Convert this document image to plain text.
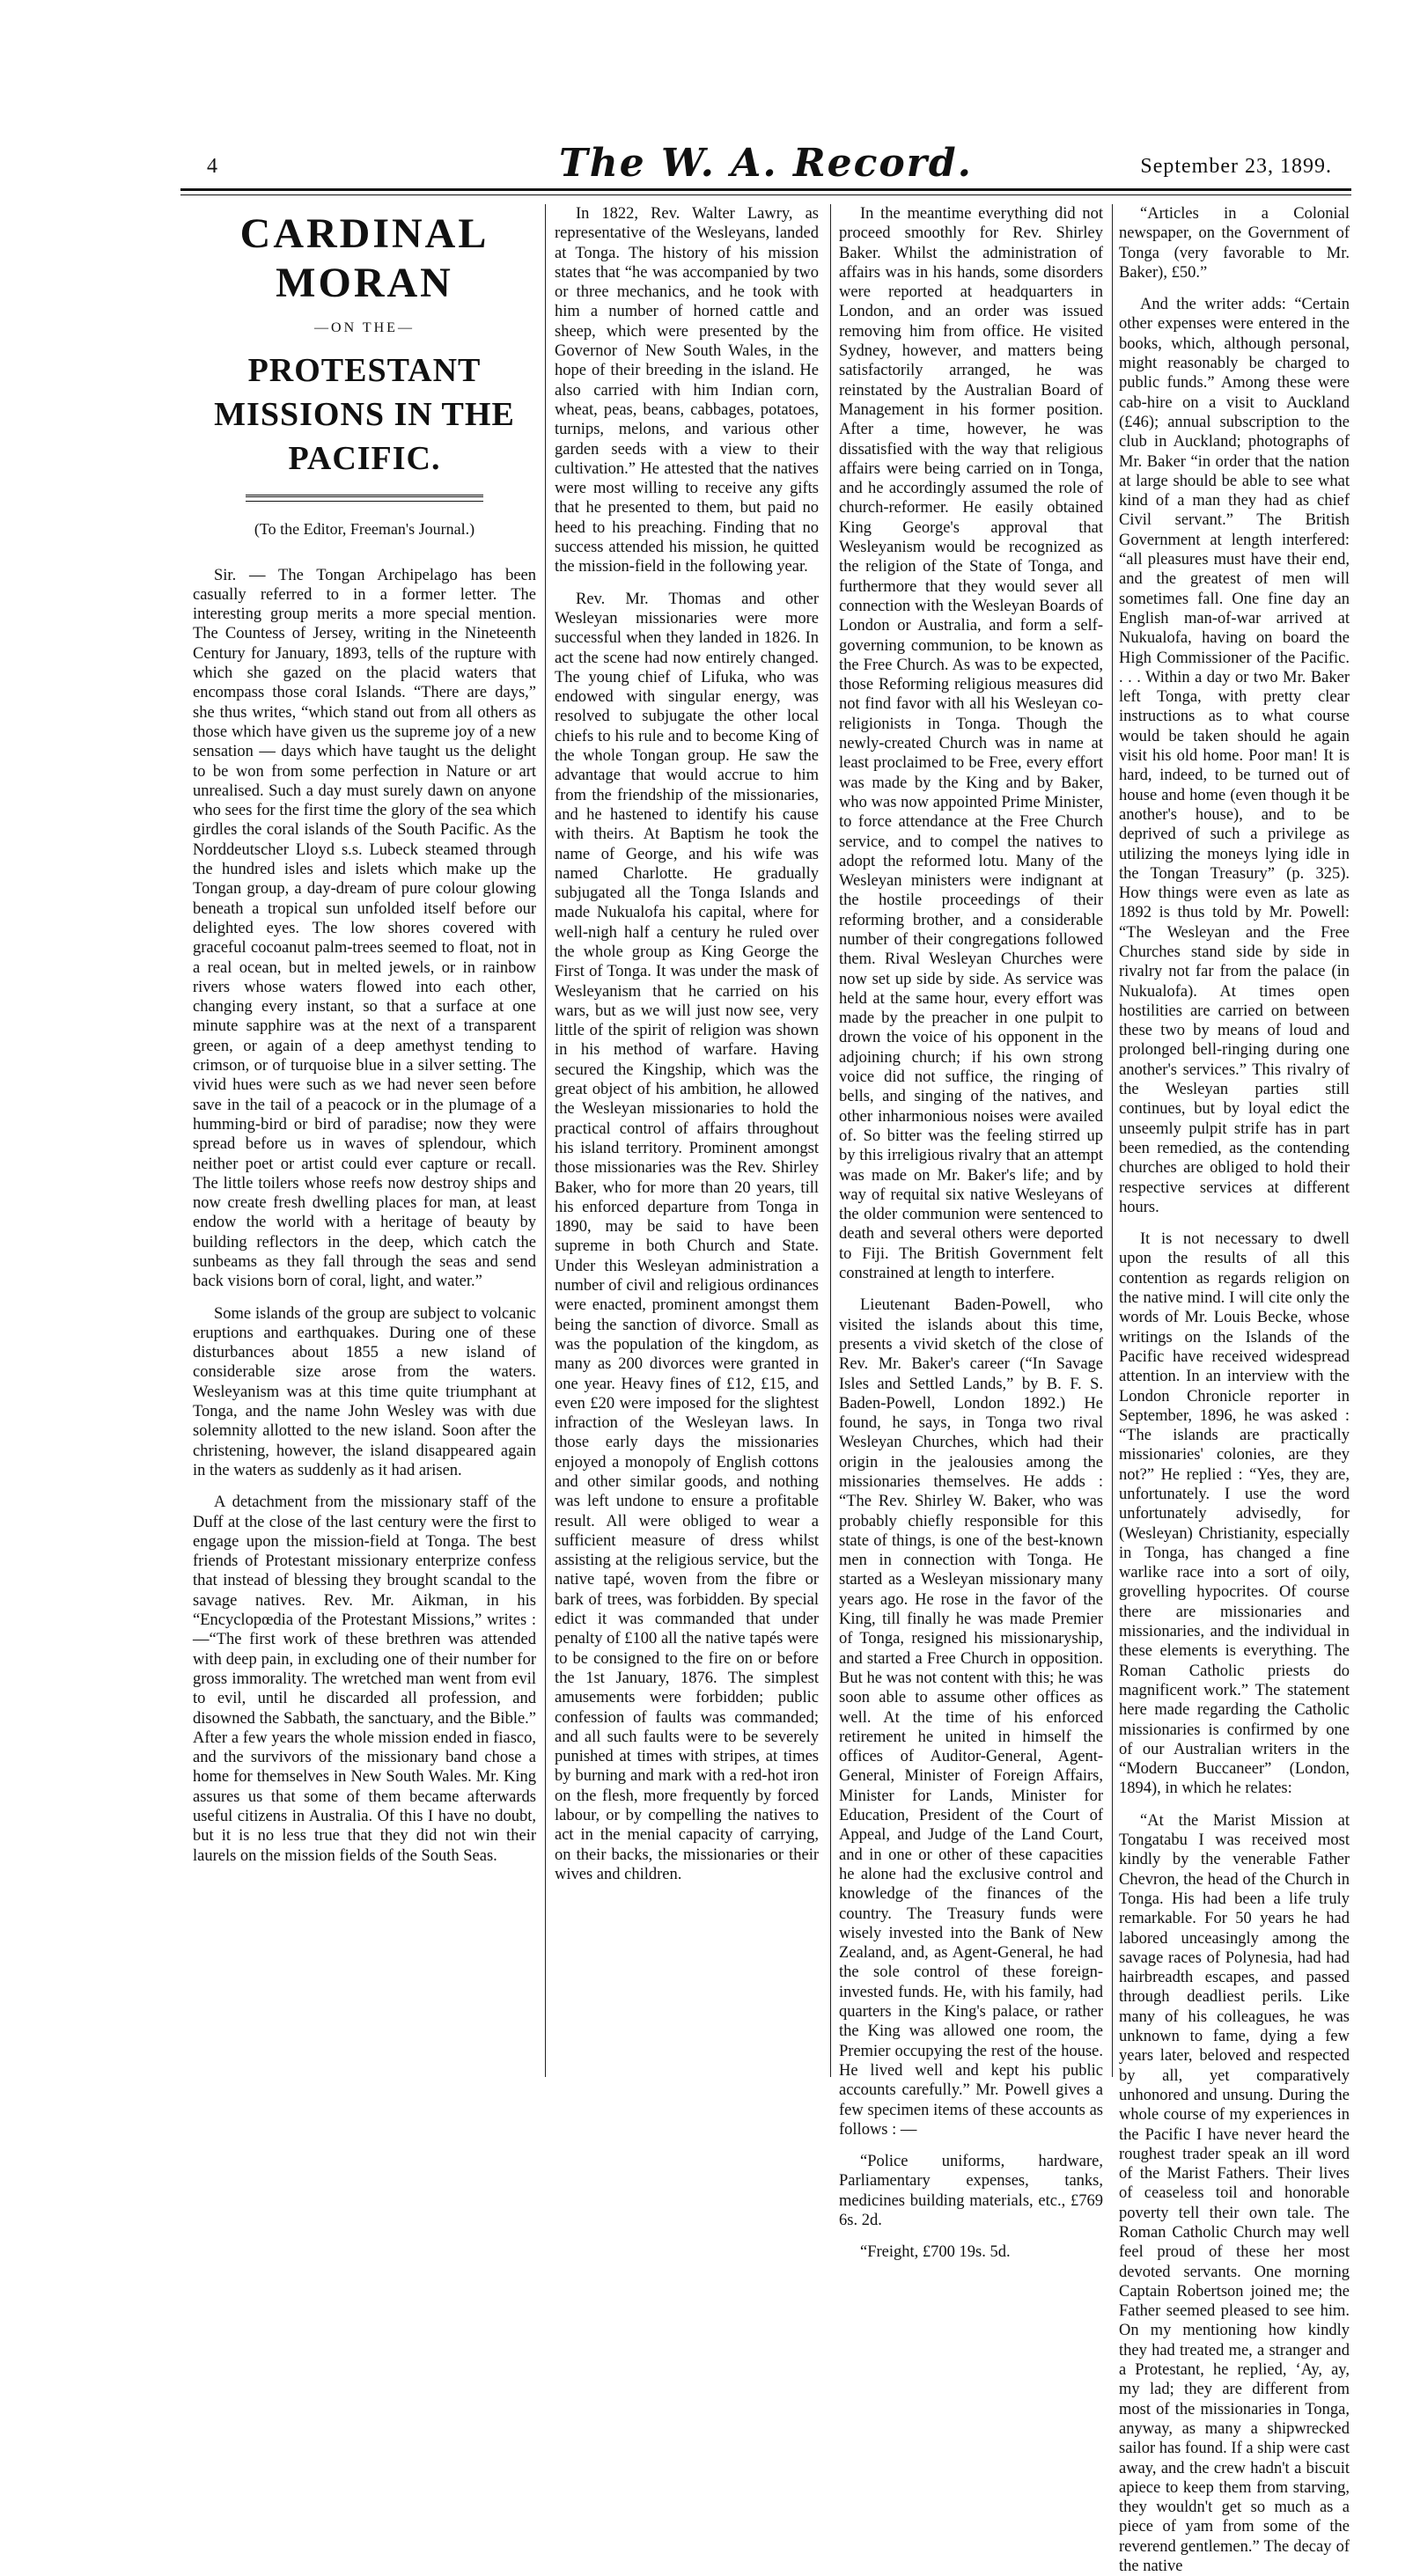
4	The W. A. Record.	September 23, 1899.
CARDINAL MORAN
—ON THE—
PROTESTANT MISSIONS IN THE PACIFIC.
(To the Editor, Freeman's Journal.)

Sir. — The Tongan Archipelago has been casually referred to in a former letter. The interesting group merits a more special mention. The Countess of Jersey, writing in the Nineteenth Century for January, 1893, tells of the rupture with which she gazed on the placid waters that encompass those coral Islands. “There are days,” she thus writes, “which stand out from all others as those which have given us the supreme joy of a new sensation — days which have taught us the delight to be won from some perfection in Nature or art unrealised. Such a day must surely dawn on anyone who sees for the first time the glory of the sea which girdles the coral islands of the South Pacific. As the Norddeutscher Lloyd s.s. Lubeck steamed through the hundred isles and islets which make up the Tongan group, a day-dream of pure colour glowing beneath a tropical sun unfolded itself before our delighted eyes. The low shores covered with graceful cocoanut palm-trees seemed to float, not in a real ocean, but in melted jewels, or in rainbow rivers whose waters flowed into each other, changing every instant, so that a surface at one minute sapphire was at the next of a transparent green, or again of a deep amethyst tending to crimson, or of turquoise blue in a silver setting. The vivid hues were such as we had never seen before save in the tail of a peacock or in the plumage of a humming-bird or bird of paradise; now they were spread before us in waves of splendour, which neither poet or artist could ever capture or recall. The little toilers whose reefs now destroy ships and now create fresh dwelling places for man, at least endow the world with a heritage of beauty by building reflectors in the deep, which catch the sunbeams as they fall through the seas and send back visions born of coral, light, and water.”

Some islands of the group are subject to volcanic eruptions and earthquakes. During one of these disturbances about 1855 a new island of considerable size arose from the waters. Wesleyanism was at this time quite triumphant at Tonga, and the name John Wesley was with due solemnity allotted to the new island. Soon after the christening, however, the island disappeared again in the waters as suddenly as it had arisen.

A detachment from the missionary staff of the Duff at the close of the last century were the first to engage upon the mission-field at Tonga. The best friends of Protestant missionary enterprize confess that instead of blessing they brought scandal to the savage natives. Rev. Mr. Aikman, in his “Encyclopœdia of the Protestant Missions,” writes :—“The first work of these brethren was attended with deep pain, in excluding one of their number for gross immorality. The wretched man went from evil to evil, until he discarded all profession, and disowned the Sabbath, the sanctuary, and the Bible.” After a few years the whole mission ended in fiasco, and the survivors of the missionary band chose a home for themselves in New South Wales. Mr. King assures us that some of them became afterwards useful citizens in Australia. Of this I have no doubt, but it is no less true that they did not win their laurels on the mission fields of the South Seas.

In 1822, Rev. Walter Lawry, as representative of the Wesleyans, landed at Tonga. The history of his mission states that “he was accompanied by two or three mechanics, and he took with him a number of horned cattle and sheep, which were presented by the Governor of New South Wales, in the hope of their breeding in the island. He also carried with him Indian corn, wheat, peas, beans, cabbages, potatoes, turnips, melons, and various other garden seeds with a view to their cultivation.” He attested that the natives were most willing to receive any gifts that he presented to them, but paid no heed to his preaching. Finding that no success attended his mission, he quitted the mission-field in the following year.

Rev. Mr. Thomas and other Wesleyan missionaries were more successful when they landed in 1826. In act the scene had now entirely changed. The young chief of Lifuka, who was endowed with singular energy, was resolved to subjugate the other local chiefs to his rule and to become King of the whole Tongan group. He saw the advantage that would accrue to him from the friendship of the missionaries, and he hastened to identify his cause with theirs. At Baptism he took the name of George, and his wife was named Charlotte. He gradually subjugated all the Tonga Islands and made Nukualofa his capital, where for well-nigh half a century he ruled over the whole group as King George the First of Tonga. It was under the mask of Wesleyanism that he carried on his wars, but as we will just now see, very little of the spirit of religion was shown in his method of warfare. Having secured the Kingship, which was the great object of his ambition, he allowed the Wesleyan missionaries to hold the practical control of affairs throughout his island territory. Prominent amongst those missionaries was the Rev. Shirley Baker, who for more than 20 years, till his enforced departure from Tonga in 1890, may be said to have been supreme in both Church and State. Under this Wesleyan administration a number of civil and religious ordinances were enacted, prominent amongst them being the sanction of divorce. Small as was the population of the kingdom, as many as 200 divorces were granted in one year. Heavy fines of £12, £15, and even £20 were imposed for the slightest infraction of the Wesleyan laws. In those early days the missionaries enjoyed a monopoly of English cottons and other similar goods, and nothing was left undone to ensure a profitable result. All were obliged to wear a sufficient measure of dress whilst assisting at the religious service, but the native tapé, woven from the fibre or bark of trees, was forbidden. By special edict it was commanded that under penalty of £100 all the native tapés were to be consigned to the fire on or before the 1st January, 1876. The simplest amusements were forbidden; public confession of faults was commanded; and all such faults were to be severely punished at times with stripes, at times by burning and mark with a red-hot iron on the flesh, more frequently by forced labour, or by compelling the natives to act in the menial capacity of carrying, on their backs, the missionaries or their wives and children.

In the meantime everything did not proceed smoothly for Rev. Shirley Baker. Whilst the administration of affairs was in his hands, some disorders were reported at headquarters in London, and an order was issued removing him from office. He visited Sydney, however, and matters being satisfactorily arranged, he was reinstated by the Australian Board of Management in his former position. After a time, however, he was dissatisfied with the way that religious affairs were being carried on in Tonga, and he accordingly assumed the role of church-reformer. He easily obtained King George's approval that Wesleyanism would be recognized as the religion of the State of Tonga, and furthermore that they would sever all connection with the Wesleyan Boards of London or Australia, and form a self-governing communion, to be known as the Free Church. As was to be expected, those Reforming religious measures did not find favor with all his Wesleyan co-religionists in Tonga. Though the newly-created Church was in name at least proclaimed to be Free, every effort was made by the King and by Baker, who was now appointed Prime Minister, to force attendance at the Free Church service, and to compel the natives to adopt the reformed lotu. Many of the Wesleyan ministers were indignant at the hostile proceedings of their reforming brother, and a considerable number of their congregations followed them. Rival Wesleyan Churches were now set up side by side. As service was held at the same hour, every effort was made by the preacher in one pulpit to drown the voice of his opponent in the adjoining church; if his own strong voice did not suffice, the ringing of bells, and singing of the natives, and other inharmonious noises were availed of. So bitter was the feeling stirred up by this irreligious rivalry that an attempt was made on Mr. Baker's life; and by way of requital six native Wesleyans of the older communion were sentenced to death and several others were deported to Fiji. The British Government felt constrained at length to interfere.

Lieutenant Baden-Powell, who visited the islands about this time, presents a vivid sketch of the close of Rev. Mr. Baker's career (“In Savage Isles and Settled Lands,” by B. F. S. Baden-Powell, London 1892.) He found, he says, in Tonga two rival Wesleyan Churches, which had their origin in the jealousies among the missionaries themselves. He adds : “The Rev. Shirley W. Baker, who was probably chiefly responsible for this state of things, is one of the best-known men in connection with Tonga. He started as a Wesleyan missionary many years ago. He rose in the favor of the King, till finally he was made Premier of Tonga, resigned his missionaryship, and started a Free Church in opposition. But he was not content with this; he was soon able to assume other offices as well. At the time of his enforced retirement he united in himself the offices of Auditor-General, Agent-General, Minister of Foreign Affairs, Minister for Lands, Minister for Education, President of the Court of Appeal, and Judge of the Land Court, and in one or other of these capacities he alone had the exclusive control and knowledge of the finances of the country. The Treasury funds were wisely invested into the Bank of New Zealand, and, as Agent-General, he had the sole control of these foreign-invested funds. He, with his family, had quarters in the King's palace, or rather the King was allowed one room, the Premier occupying the rest of the house. He lived well and kept his public accounts carefully.” Mr. Powell gives a few specimen items of these accounts as follows : —

“Police uniforms, hardware, Parliamentary expenses, tanks, medicines building materials, etc., £769 6s. 2d.

“Freight, £700 19s. 5d.

“Articles in a Colonial newspaper, on the Government of Tonga (very favorable to Mr. Baker), £50.”

And the writer adds: “Certain other expenses were entered in the books, which, although personal, might reasonably be charged to public funds.” Among these were cab-hire on a visit to Auckland (£46); annual subscription to the club in Auckland; photographs of Mr. Baker “in order that the nation at large should be able to see what kind of a man they had as chief Civil servant.” The British Government at length interfered: “all pleasures must have their end, and the greatest of men will sometimes fall. One fine day an English man-of-war arrived at Nukualofa, having on board the High Commissioner of the Pacific. . . . Within a day or two Mr. Baker left Tonga, with pretty clear instructions as to what course would be taken should he again visit his old home. Poor man! It is hard, indeed, to be turned out of house and home (even though it be another's house), and to be deprived of such a privilege as utilizing the moneys lying idle in the Tongan Treasury” (p. 325). How things were even as late as 1892 is thus told by Mr. Powell: “The Wesleyan and the Free Churches stand side by side in rivalry not far from the palace (in Nukualofa). At times open hostilities are carried on between these two by means of loud and prolonged bell-ringing during one another's services.” This rivalry of the Wesleyan parties still continues, but by loyal edict the unseemly pulpit strife has in part been remedied, as the contending churches are obliged to hold their respective services at different hours.

It is not necessary to dwell upon the results of all this contention as regards religion on the native mind. I will cite only the words of Mr. Louis Becke, whose writings on the Islands of the Pacific have received widespread attention. In an interview with the London Chronicle reporter in September, 1896, he was asked : “The islands are practically missionaries' colonies, are they not?” He replied : “Yes, they are, unfortunately. I use the word unfortunately advisedly, for (Wesleyan) Christianity, especially in Tonga, has changed a fine warlike race into a sort of oily, grovelling hypocrites. Of course there are missionaries and missionaries, and the individual in these elements is everything. The Roman Catholic priests do magnificent work.” The statement here made regarding the Catholic missionaries is confirmed by one of our Australian writers in the “Modern Buccaneer” (London, 1894), in which he relates:

“At the Marist Mission at Tongatabu I was received most kindly by the venerable Father Chevron, the head of the Church in Tonga. His had been a life truly remarkable. For 50 years he had labored unceasingly among the savage races of Polynesia, had had hairbreadth escapes, and passed through deadliest perils. Like many of his colleagues, he was unknown to fame, dying a few years later, beloved and respected by all, yet comparatively unhonored and unsung. During the whole course of my experiences in the Pacific I have never heard the roughest trader speak an ill word of the Marist Fathers. Their lives of ceaseless toil and honorable poverty tell their own tale. The Roman Catholic Church may well feel proud of these her most devoted servants. One morning Captain Robertson joined me; the Father seemed pleased to see him. On my mentioning how kindly they had treated me, a stranger and a Protestant, he replied, ‘Ay, ay, my lad; they are different from most of the missionaries in Tonga, anyway, as many a shipwrecked sailor has found. If a ship were cast away, and the crew hadn't a biscuit apiece to keep them from starving, they wouldn't get so much as a piece of yam from some of the reverend gentlemen.” The decay of the native
